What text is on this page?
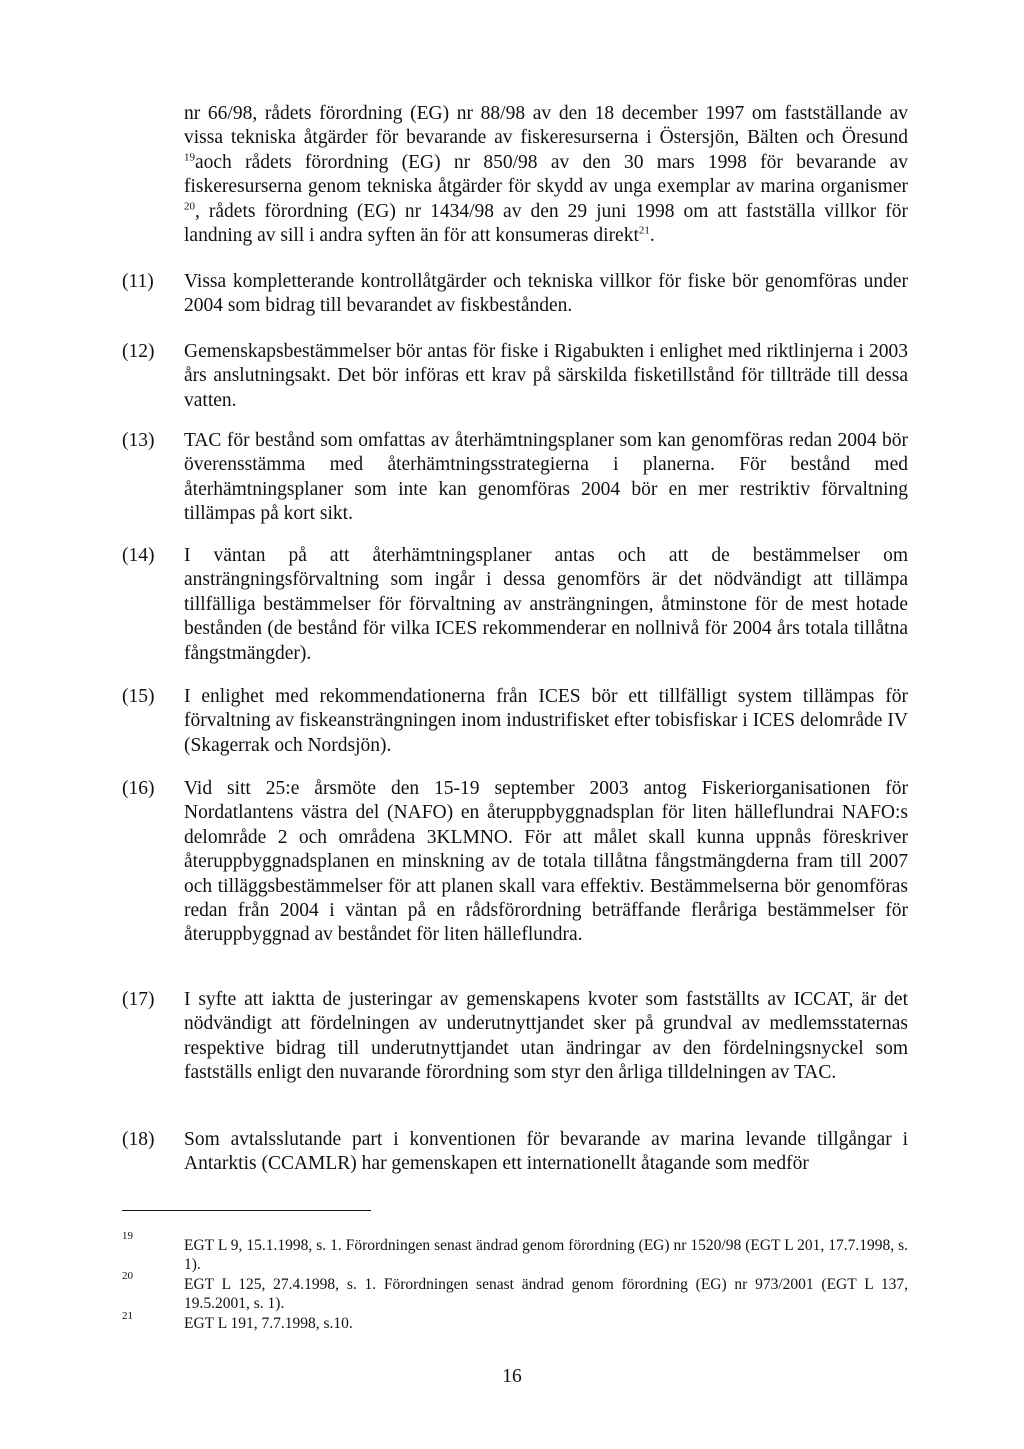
nr 66/98, rådets förordning (EG) nr 88/98 av den 18 december 1997 om fastställande av vissa tekniska åtgärder för bevarande av fiskeresurserna i Östersjön, Bälten och Öresund $^{19}$aoch rådets förordning (EG) nr 850/98 av den 30 mars 1998 för bevarande av fiskeresurserna genom tekniska åtgärder för skydd av unga exemplar av marina organismer $^{20}$, rådets förordning (EG) nr 1434/98 av den 29 juni 1998 om att fastställa villkor för landning av sill i andra syften än för att konsumeras direkt$^{21}$.

(11) Vissa kompletterande kontrollåtgärder och tekniska villkor för fiske bör genomföras under 2004 som bidrag till bevarandet av fiskbestånden.

(12) Gemenskapsbestämmelser bör antas för fiske i Rigabukten i enlighet med riktlinjerna i 2003 års anslutningsakt. Det bör införas ett krav på särskilda fisketillstånd för tillträde till dessa vatten.

(13) TAC för bestånd som omfattas av återhämtningsplaner som kan genomföras redan 2004 bör överensstämma med återhämtningsstrategierna i planerna. För bestånd med återhämtningsplaner som inte kan genomföras 2004 bör en mer restriktiv förvaltning tillämpas på kort sikt.

(14) I väntan på att återhämtningsplaner antas och att de bestämmelser om ansträngningsförvaltning som ingår i dessa genomförs är det nödvändigt att tillämpa tillfälliga bestämmelser för förvaltning av ansträngningen, åtminstone för de mest hotade bestånden (de bestånd för vilka ICES rekommenderar en nollnivå för 2004 års totala tillåtna fångstmängder).

(15) I enlighet med rekommendationerna från ICES bör ett tillfälligt system tillämpas för förvaltning av fiskeansträngningen inom industrifisket efter tobisfiskar i ICES delområde IV (Skagerrak och Nordsjön).

(16) Vid sitt 25:e årsmöte den 15-19 september 2003 antog Fiskeriorganisationen för Nordatlantens västra del (NAFO) en återuppbyggnadsplan för liten hälleflundrai NAFO:s delområde 2 och områdena 3KLMNO. För att målet skall kunna uppnås föreskriver återuppbyggnadsplanen en minskning av de totala tillåtna fångstmängderna fram till 2007 och tilläggsbestämmelser för att planen skall vara effektiv. Bestämmelserna bör genomföras redan från 2004 i väntan på en rådsförordning beträffande fleråriga bestämmelser för återuppbyggnad av beståndet för liten hälleflundra.

(17) I syfte att iaktta de justeringar av gemenskapens kvoter som fastställts av ICCAT, är det nödvändigt att fördelningen av underutnyttjandet sker på grundval av medlemsstaternas respektive bidrag till underutnyttjandet utan ändringar av den fördelningsnyckel som fastställs enligt den nuvarande förordning som styr den årliga tilldelningen av TAC.

(18) Som avtalsslutande part i konventionen för bevarande av marina levande tillgångar i Antarktis (CCAMLR) har gemenskapen ett internationellt åtagande som medför

19

EGT L 9, 15.1.1998, s. 1. Förordningen senast ändrad genom förordning (EG) nr 1520/98 (EGT L 201, 17.7.1998, s. 1).

20	EGT L 125, 27.4.1998, s. 1. Förordningen senast ändrad genom förordning (EG) nr 973/2001 (EGT L 137, 19.5.2001, s. 1).

21	EGT L 191, 7.7.1998, s.10.

16
